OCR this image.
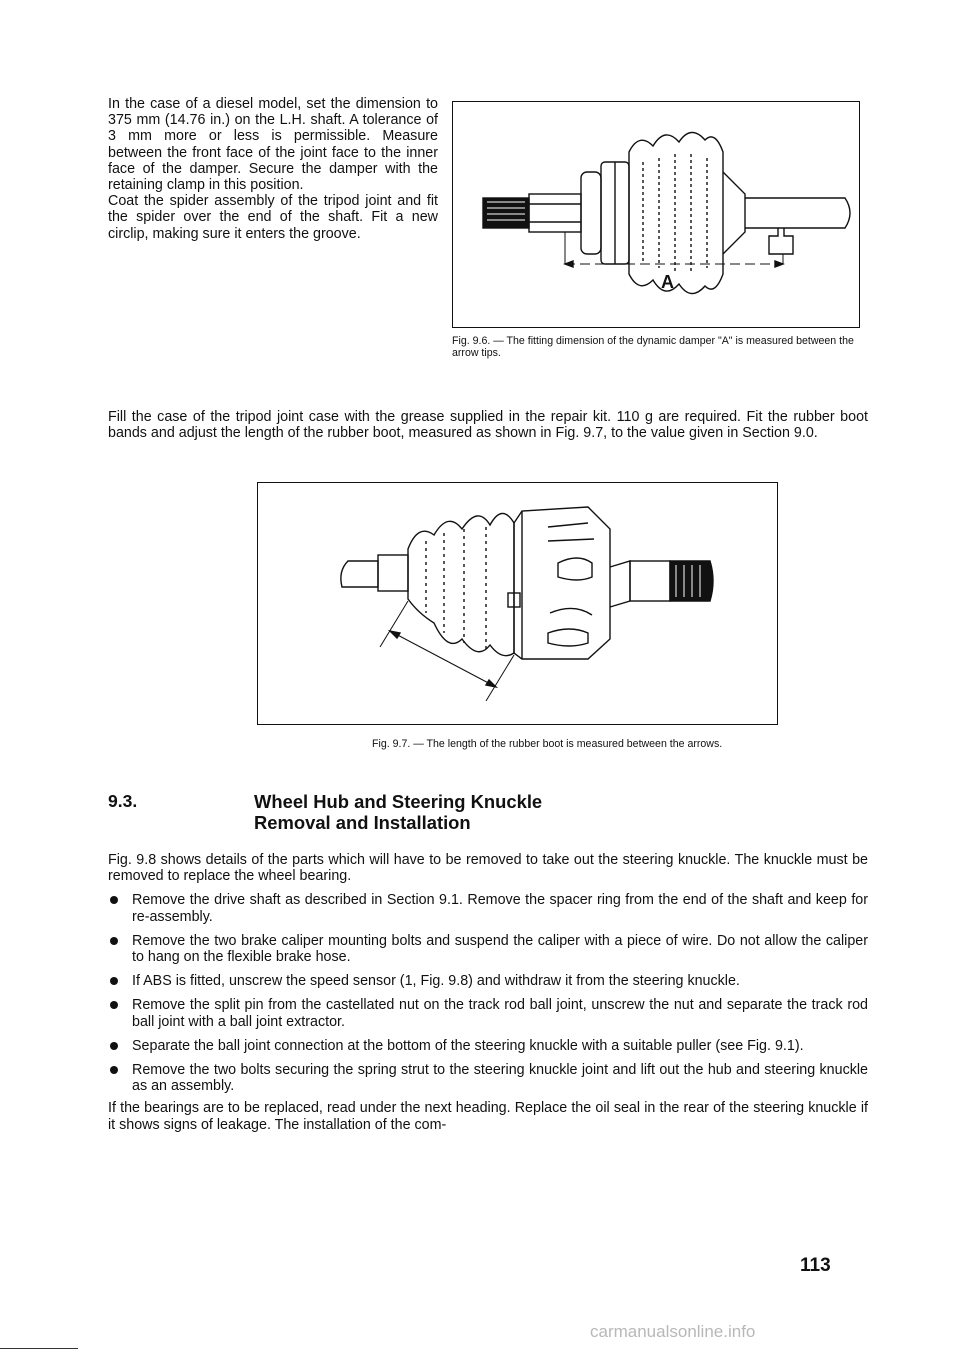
In the case of a diesel model, set the dimension to 375 mm (14.76 in.) on the L.H. shaft. A tolerance of 3 mm more or less is permissible. Measure between the front face of the joint face to the inner face of the damper. Secure the damper with the retaining clamp in this position.

Coat the spider assembly of the tripod joint and fit the spider over the end of the shaft. Fit a new circlip, making sure it enters the groove.

A
Fig. 9.6. — The fitting dimension of the dynamic damper "A" is measured between the arrow tips.

Fill the case of the tripod joint case with the grease supplied in the repair kit. 110 g are required. Fit the rubber boot bands and adjust the length of the rubber boot, measured as shown in Fig. 9.7, to the value given in Section 9.0.

Fig. 9.7. — The length of the rubber boot is measured between the arrows.
9.3.	Wheel Hub and Steering Knuckle
Removal and Installation

Fig. 9.8 shows details of the parts which will have to be removed to take out the steering knuckle. The knuckle must be removed to replace the wheel bearing.

Remove the drive shaft as described in Section 9.1. Remove the spacer ring from the end of the shaft and keep for re-assembly.
Remove the two brake caliper mounting bolts and suspend the caliper with a piece of wire. Do not allow the caliper to hang on the flexible brake hose.
If ABS is fitted, unscrew the speed sensor (1, Fig. 9.8) and withdraw it from the steering knuckle.
Remove the split pin from the castellated nut on the track rod ball joint, unscrew the nut and separate the track rod ball joint with a ball joint extractor.
Separate the ball joint connection at the bottom of the steering knuckle with a suitable puller (see Fig. 9.1).
Remove the two bolts securing the spring strut to the steering knuckle joint and lift out the hub and steering knuckle as an assembly.

If the bearings are to be replaced, read under the next heading. Replace the oil seal in the rear of the steering knuckle if it shows signs of leakage. The installation of the com-

113
carmanualsonline.info
